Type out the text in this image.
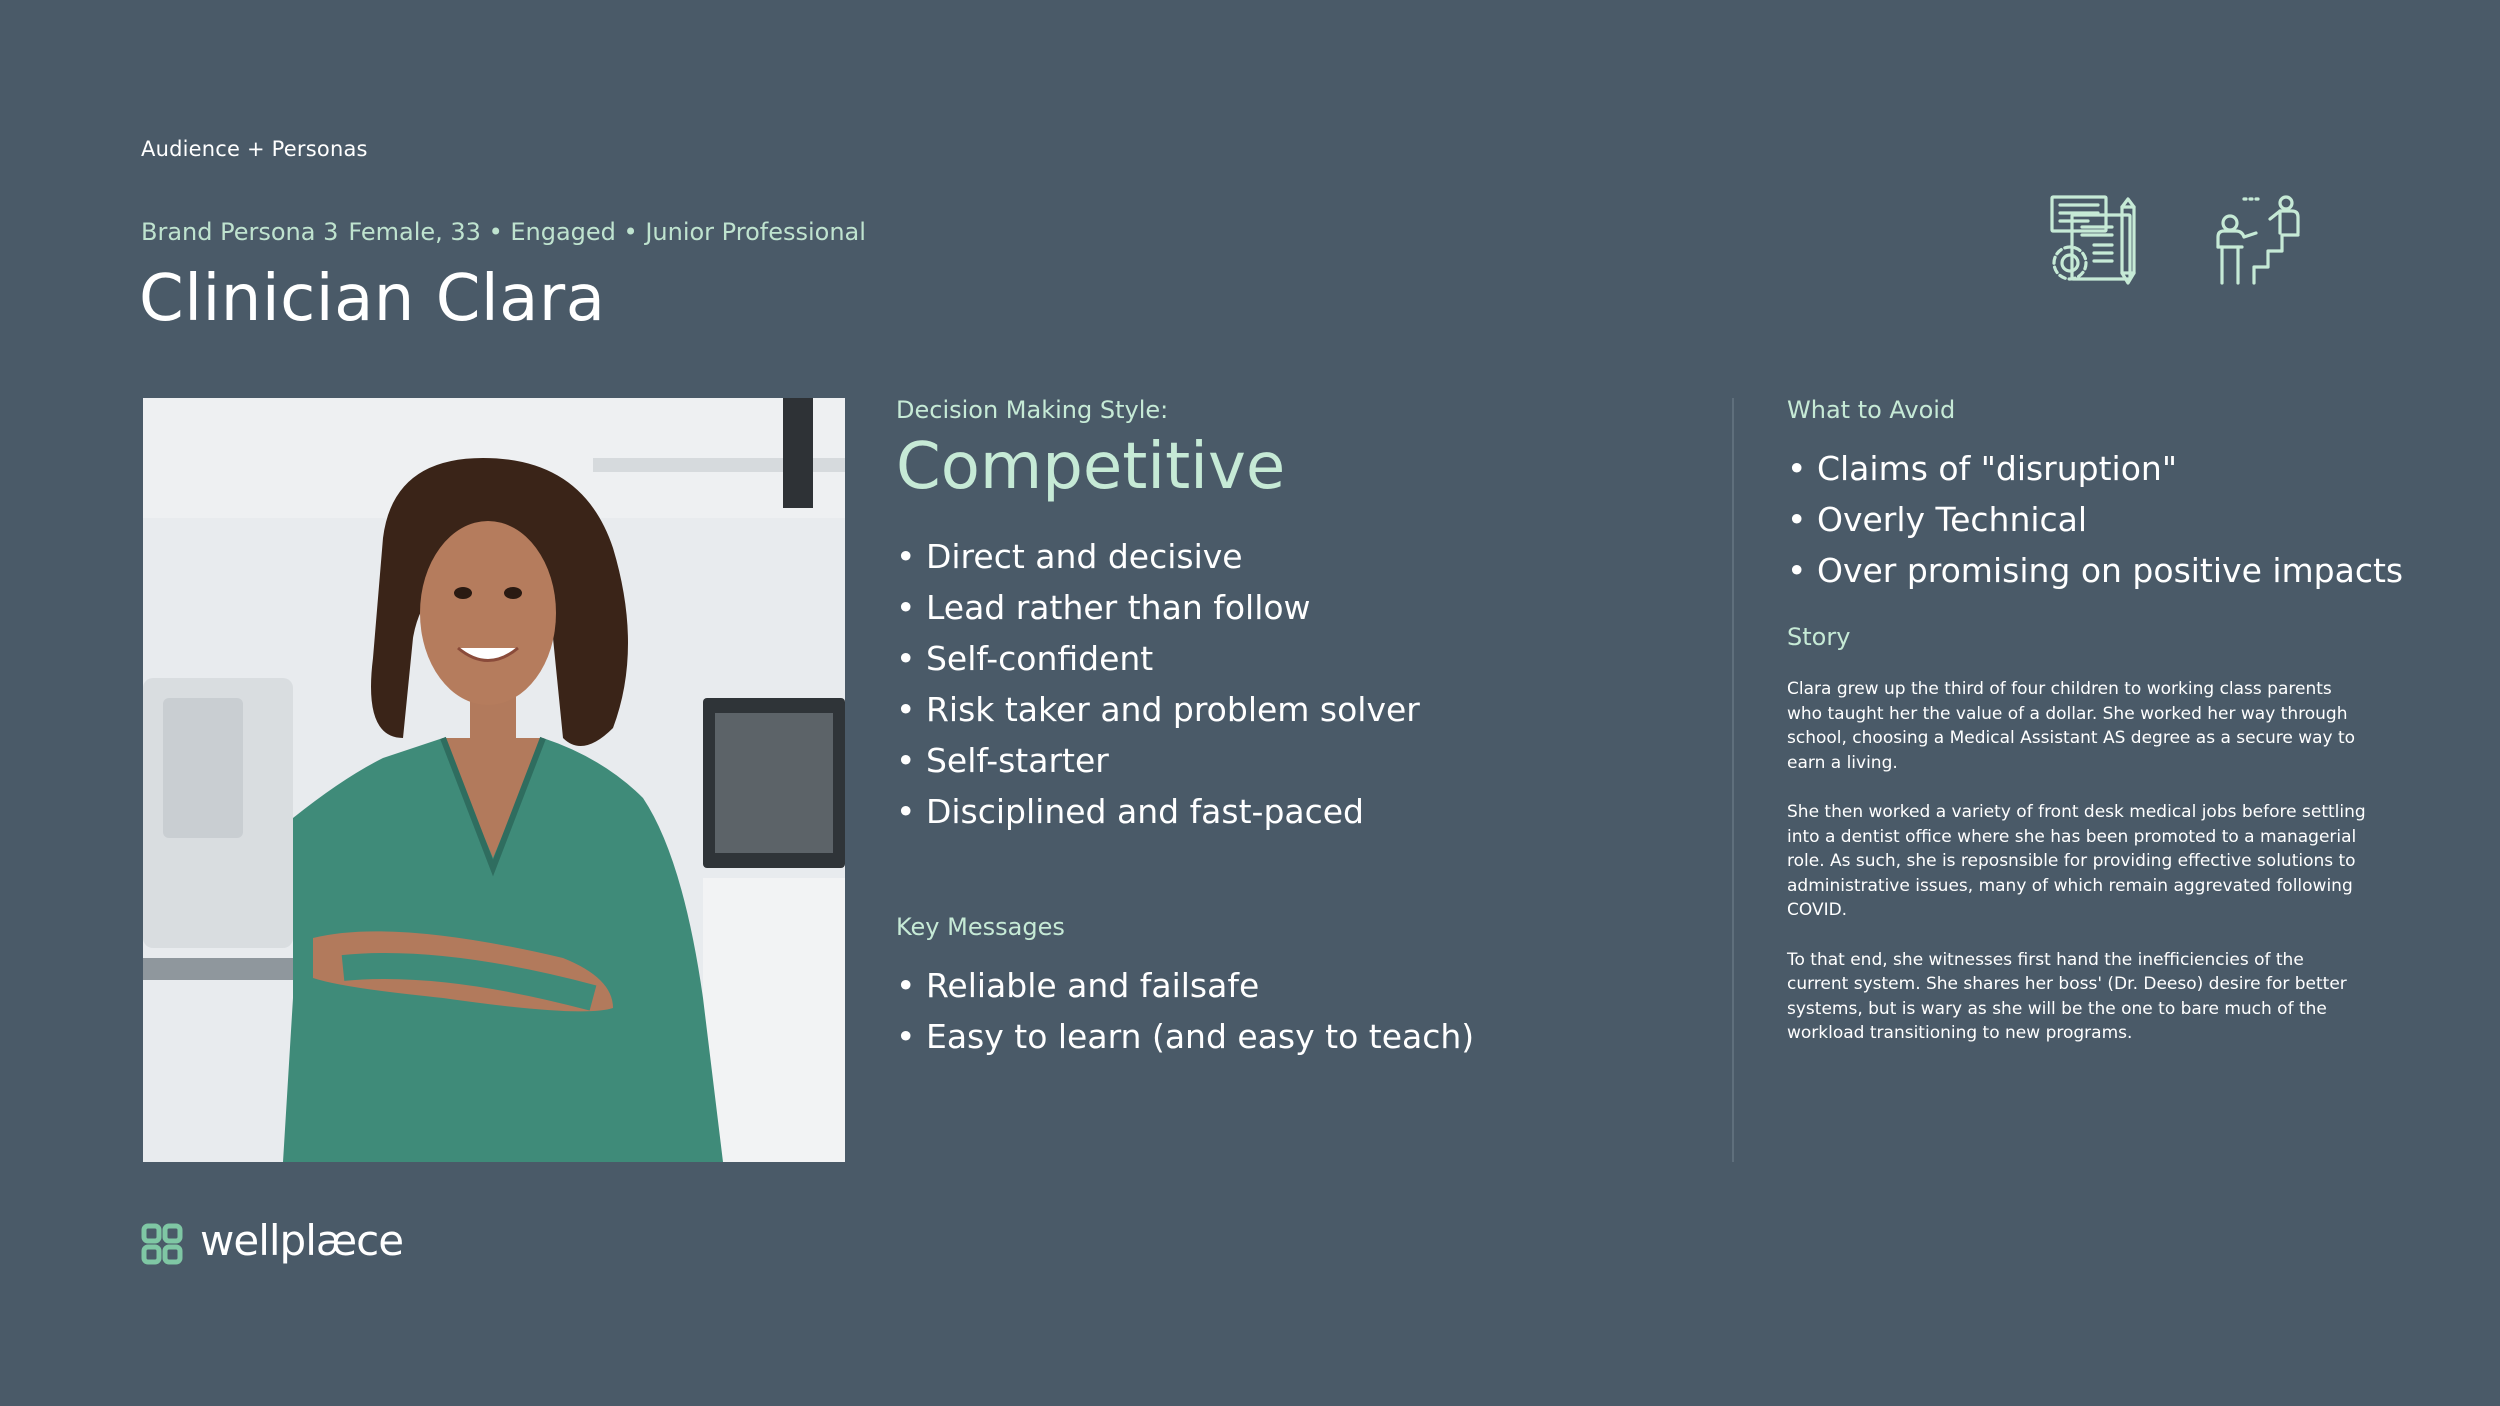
Audience + Personas
Brand Persona 3 Female, 33 • Engaged • Junior Professional
Clinician Clara
Decision Making Style:
Competitive
• Direct and decisive
• Lead rather than follow
• Self-confident
• Risk taker and problem solver
• Self-starter
• Disciplined and fast-paced
Key Messages
• Reliable and failsafe
• Easy to learn (and easy to teach)
What to Avoid
• Claims of "disruption"
• Overly Technical
• Over promising on positive impacts
Story

Clara grew up the third of four children to working class parents who taught her the value of a dollar. She worked her way through school, choosing a Medical Assistant AS degree as a secure way to earn a living.

She then worked a variety of front desk medical jobs before settling into a dentist office where she has been promoted to a managerial role. As such, she is reposnsible for providing effective solutions to administrative issues, many of which remain aggrevated following COVID.

To that end, she witnesses first hand the inefficiencies of the current system. She shares her boss' (Dr. Deeso) desire for better systems, but is wary as she will be the one to bare much of the workload transitioning to new programs.

wellplæce
